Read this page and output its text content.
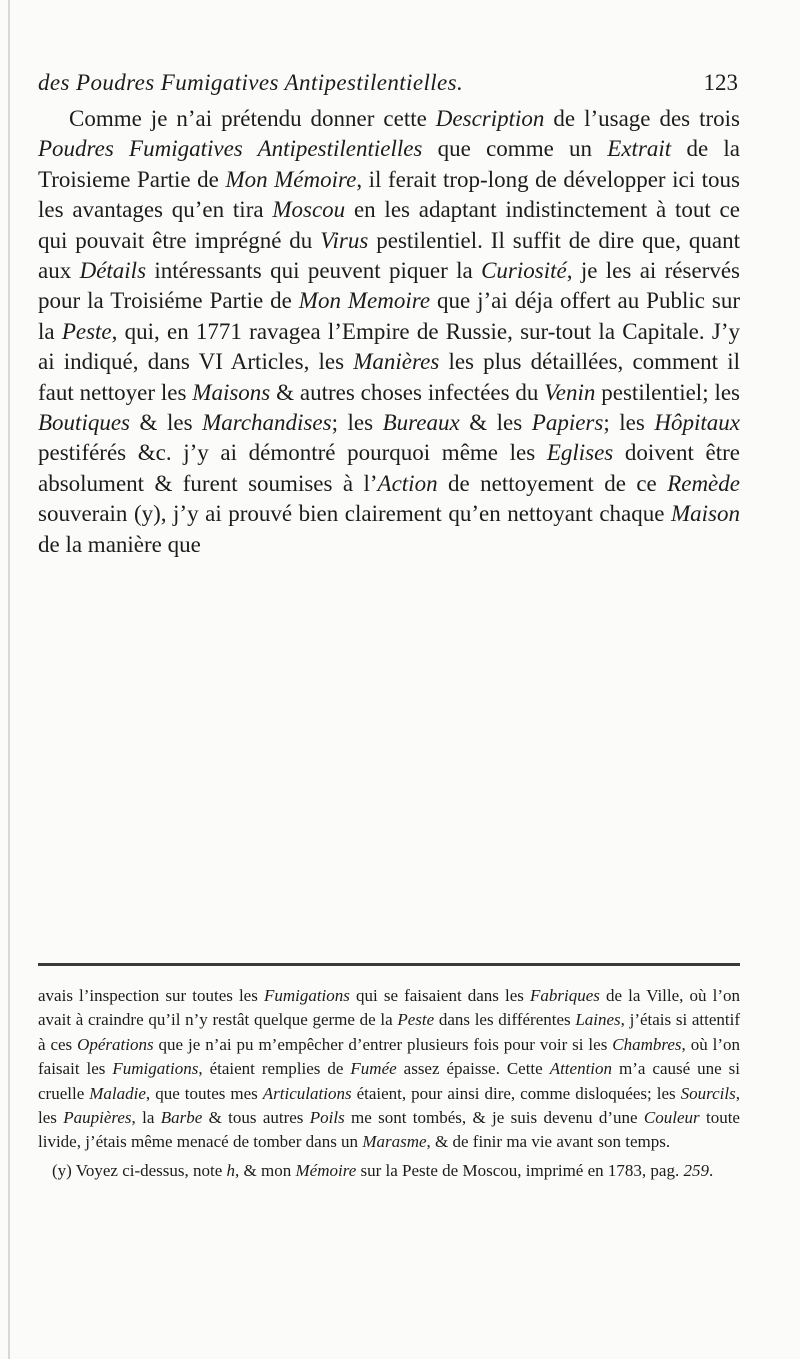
des Poudres Fumigatives Antipestilentielles.	123

Comme je n’ai prétendu donner cette Description de l’usage des trois Poudres Fumigatives Antipestilentielles que comme un Extrait de la Troisieme Partie de Mon Mémoire, il ferait trop-long de développer ici tous les avantages qu’en tira Moscou en les adaptant indistinctement à tout ce qui pouvait être imprégné du Virus pestilentiel. Il suffit de dire que, quant aux Détails intéressants qui peuvent piquer la Curiosité, je les ai réservés pour la Troisiéme Partie de Mon Memoire que j’ai déja offert au Public sur la Peste, qui, en 1771 ravagea l’Empire de Russie, sur-tout la Capitale. J’y ai indiqué, dans VI Articles, les Manières les plus détaillées, comment il faut nettoyer les Maisons & autres choses infectées du Venin pestilentiel; les Boutiques & les Marchandises; les Bureaux & les Papiers; les Hôpitaux pestiférés &c. j’y ai démontré pourquoi même les Eglises doivent être absolument & furent soumises à l’Action de nettoyement de ce Remède souverain (y), j’y ai prouvé bien clairement qu’en nettoyant chaque Maison de la manière que

avais l’inspection sur toutes les Fumigations qui se faisaient dans les Fabriques de la Ville, où l’on avait à craindre qu’il n’y restât quelque germe de la Peste dans les différentes Laines, j’étais si attentif à ces Opérations que je n’ai pu m’empêcher d’entrer plusieurs fois pour voir si les Chambres, où l’on faisait les Fumigations, étaient remplies de Fumée assez épaisse. Cette Attention m’a causé une si cruelle Maladie, que toutes mes Articulations étaient, pour ainsi dire, comme disloquées; les Sourcils, les Paupières, la Barbe & tous autres Poils me sont tombés, & je suis devenu d’une Couleur toute livide, j’étais même menacé de tomber dans un Marasme, & de finir ma vie avant son temps.

(y) Voyez ci-dessus, note h, & mon Mémoire sur la Peste de Moscou, imprimé en 1783, pag. 259.
